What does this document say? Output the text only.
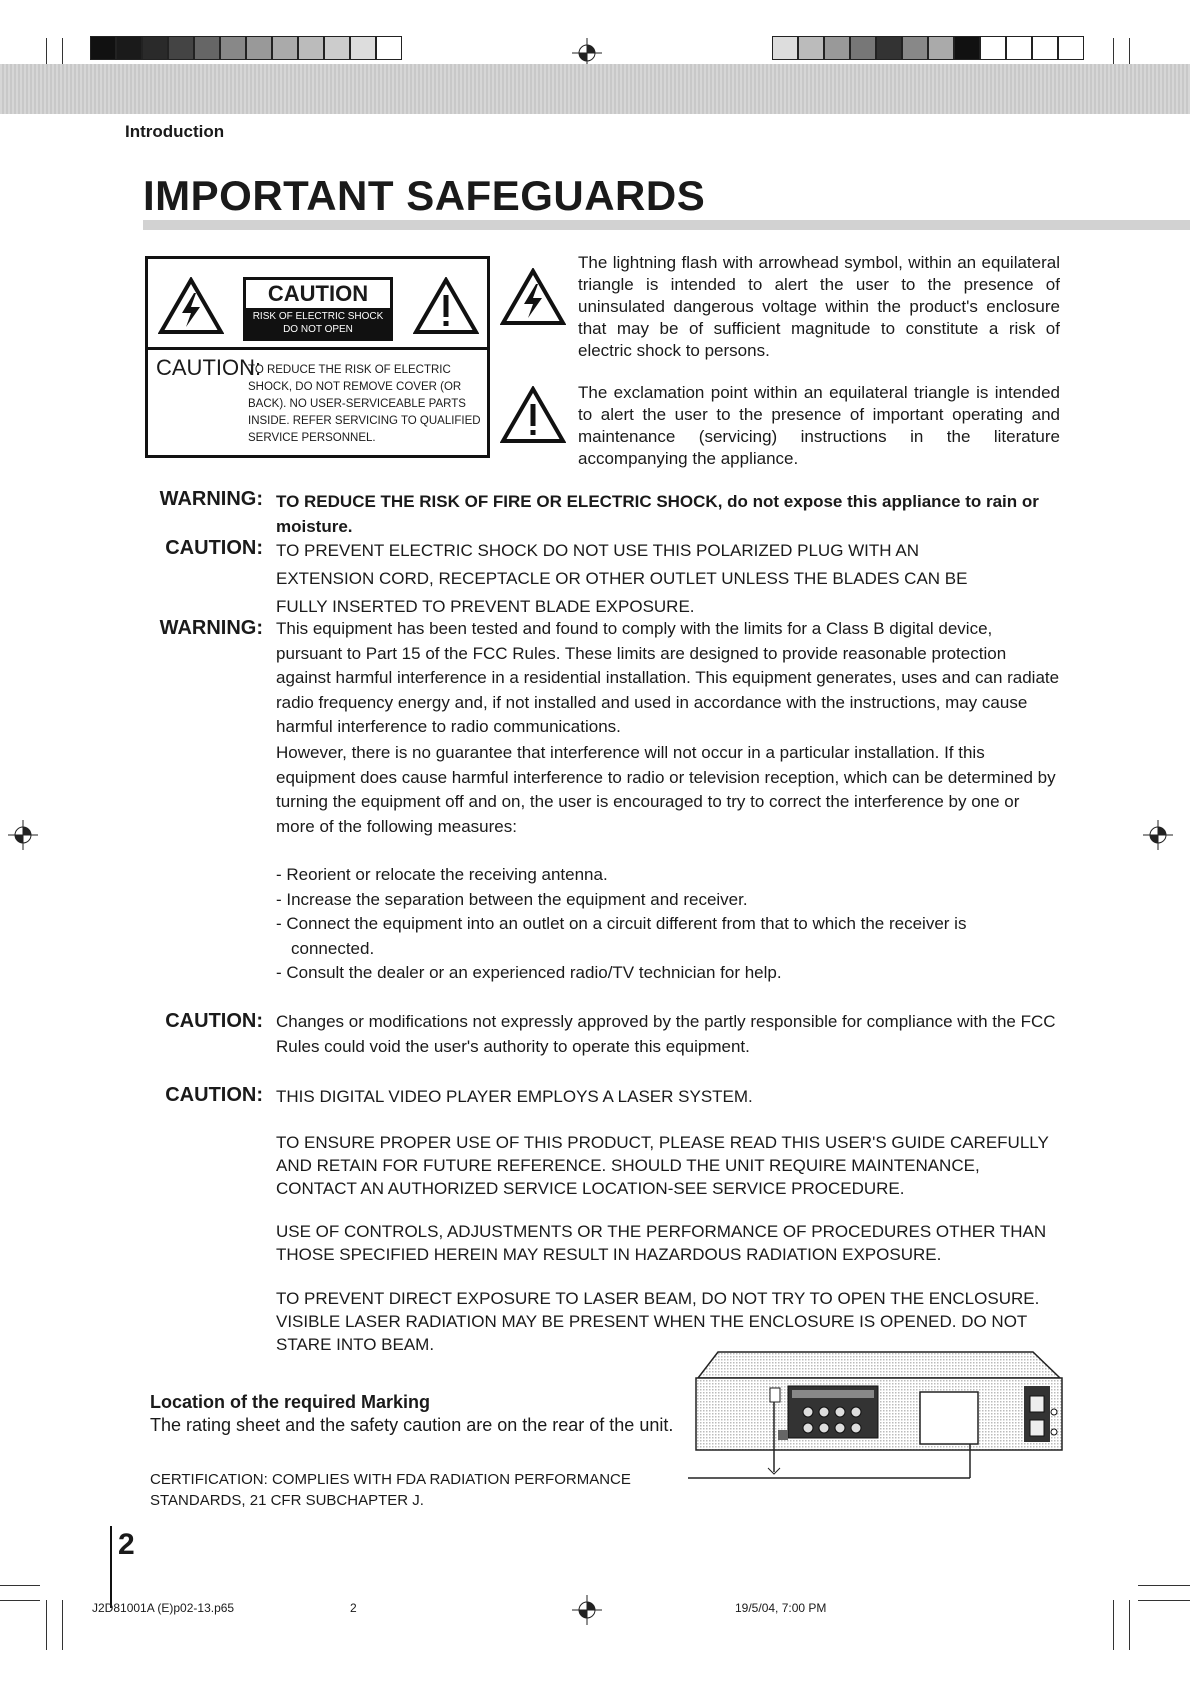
Introduction
IMPORTANT SAFEGUARDS
CAUTION
RISK OF ELECTRIC SHOCK
DO NOT OPEN
CAUTION:
TO REDUCE THE RISK OF ELECTRIC SHOCK, DO NOT REMOVE COVER (OR BACK). NO USER-SERVICEABLE PARTS INSIDE. REFER SERVICING TO QUALIFIED SERVICE PERSONNEL.
The lightning flash with arrowhead symbol, within an equilateral triangle is intended to alert the user to the presence of uninsulated dangerous voltage within the product's enclosure that may be of sufficient magnitude to constitute a risk of electric shock to persons.
The exclamation point within an equilateral triangle is intended to alert the user to the presence of important operating and maintenance (servicing) instructions in the literature accompanying the appliance.
WARNING: TO REDUCE THE RISK OF FIRE OR ELECTRIC SHOCK, do not expose this appliance to rain or moisture.
CAUTION: TO PREVENT ELECTRIC SHOCK DO NOT USE THIS POLARIZED PLUG WITH AN EXTENSION CORD, RECEPTACLE OR OTHER OUTLET UNLESS THE BLADES CAN BE FULLY INSERTED TO PREVENT BLADE EXPOSURE.
WARNING: This equipment has been tested and found to comply with the limits for a Class B digital device, pursuant to Part 15 of the FCC Rules. These limits are designed to provide reasonable protection against harmful interference in a residential installation. This equipment generates, uses and can radiate radio frequency energy and, if not installed and used in accordance with the instructions, may cause harmful interference to radio communications.
However, there is no guarantee that interference will not occur in a particular installation. If this equipment does cause harmful interference to radio or television reception, which can be determined by turning the equipment off and on, the user is encouraged to try to correct the interference by one or more of the following measures:
- Reorient or relocate the receiving antenna.
- Increase the separation between the equipment and receiver.
- Connect the equipment into an outlet on a circuit different from that to which the receiver is connected.
- Consult the dealer or an experienced radio/TV technician for help.
CAUTION: Changes or modifications not expressly approved by the partly responsible for compliance with the FCC Rules could void the user's authority to operate this equipment.
CAUTION: THIS DIGITAL VIDEO PLAYER EMPLOYS A LASER SYSTEM.
TO ENSURE PROPER USE OF THIS PRODUCT, PLEASE READ THIS USER'S GUIDE CAREFULLY AND RETAIN FOR FUTURE REFERENCE. SHOULD THE UNIT REQUIRE MAINTENANCE, CONTACT AN AUTHORIZED SERVICE LOCATION-SEE SERVICE PROCEDURE.
USE OF CONTROLS, ADJUSTMENTS OR THE PERFORMANCE OF PROCEDURES OTHER THAN THOSE SPECIFIED HEREIN MAY RESULT IN HAZARDOUS RADIATION EXPOSURE.
TO PREVENT DIRECT EXPOSURE TO LASER BEAM, DO NOT TRY TO OPEN THE ENCLOSURE. VISIBLE LASER RADIATION MAY BE PRESENT WHEN THE ENCLOSURE IS OPENED. DO NOT STARE INTO BEAM.
Location of the required Marking
The rating sheet and the safety caution are on the rear of the unit.
CERTIFICATION: COMPLIES WITH FDA RADIATION PERFORMANCE STANDARDS, 21 CFR SUBCHAPTER J.
2
J2D81001A (E)p02-13.p65	2	19/5/04, 7:00 PM
